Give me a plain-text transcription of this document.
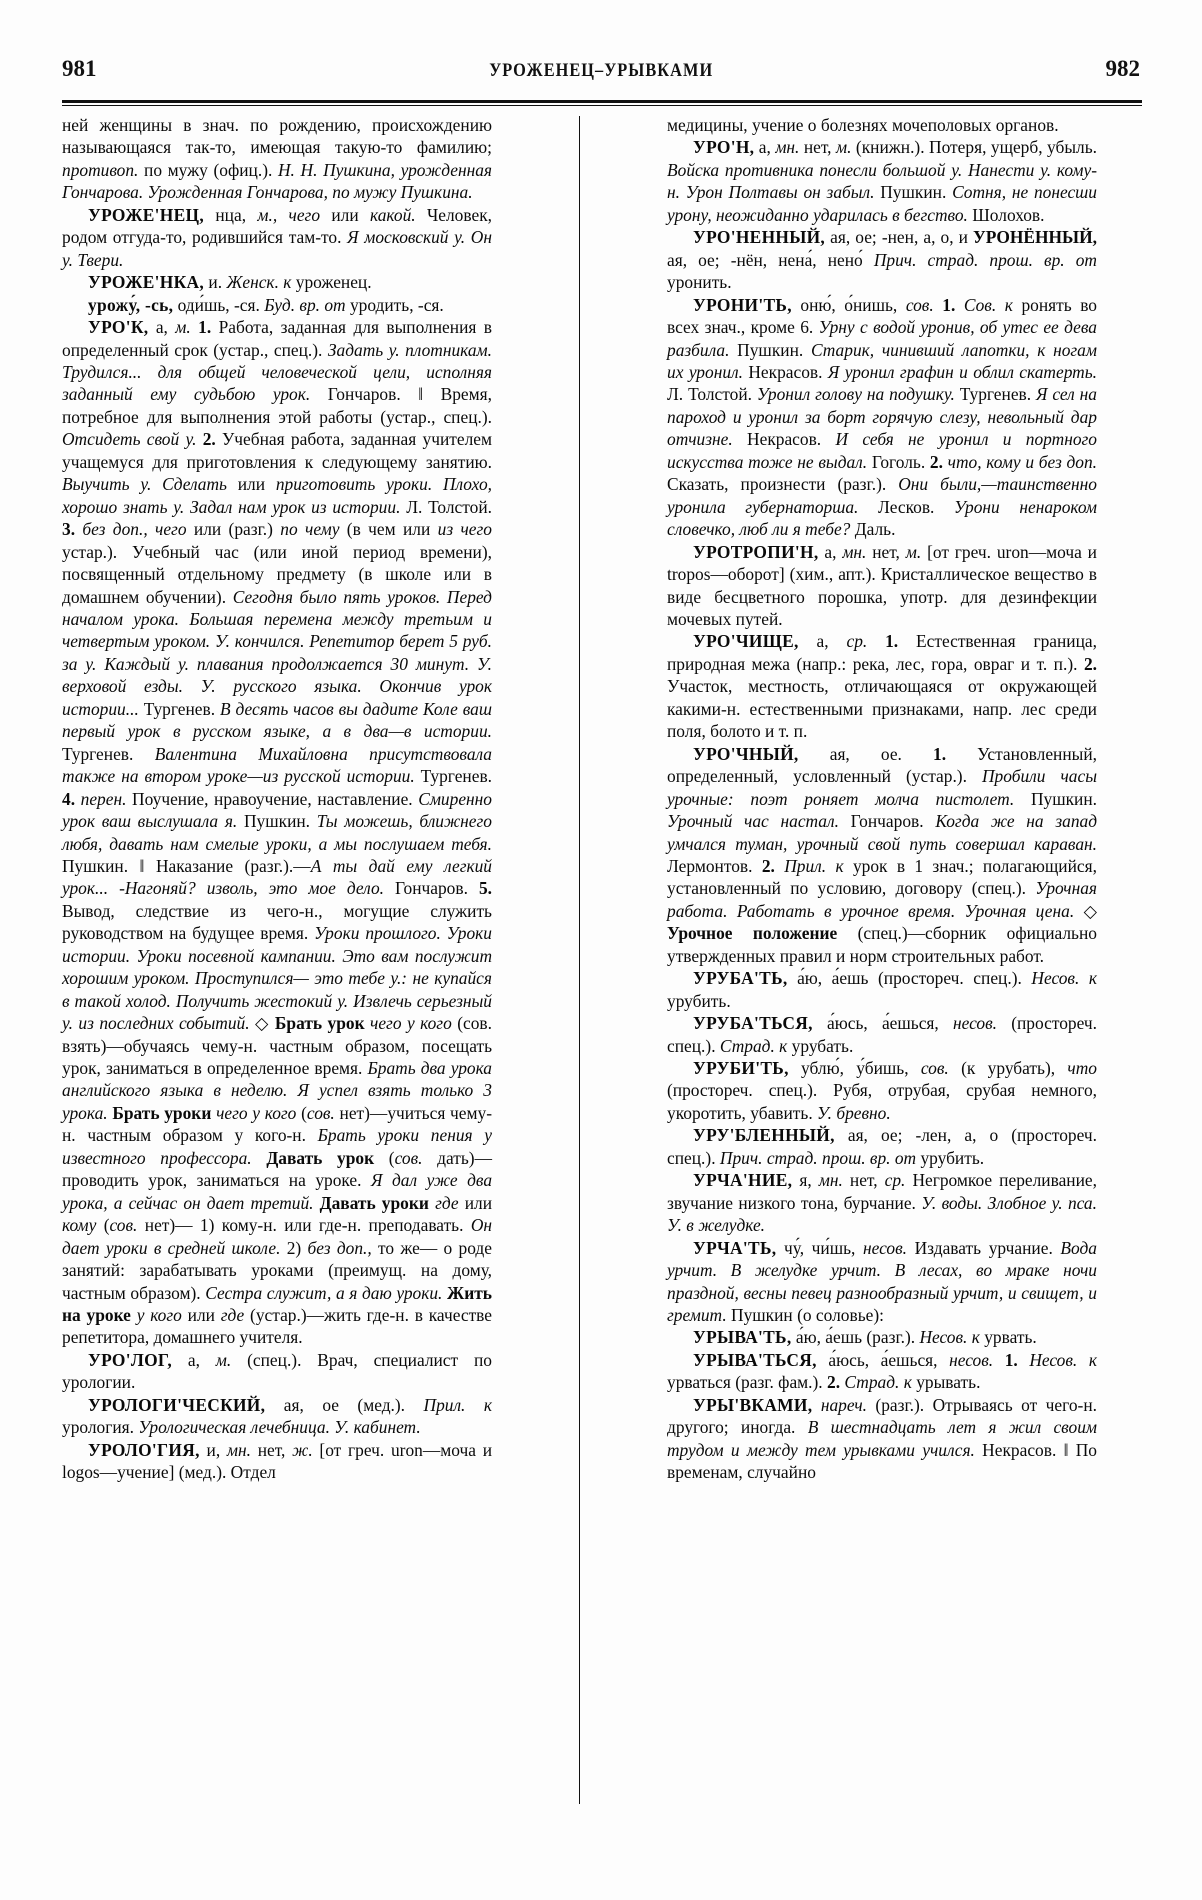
981	УРОЖЕНЕЦ–УРЫВКАМИ	982

ней женщины в знач. по рождению, происхождению называющаяся так-то, имеющая такую-то фамилию; противоп. по мужу (офиц.). Н. Н. Пушкина, урожденная Гончарова. Урожденная Гончарова, по мужу Пушкина.

УРОЖЕ'НЕЦ, нца, м., чего или какой. Человек, родом отгуда-то, родившийся там-то. Я московский у. Он у. Твери.

УРОЖЕ'НКА, и. Женск. к уроженец.

урожу́, -сь, оди́шь, -ся. Буд. вр. от уродить, -ся.

УРО'К, а, м. 1. Работа, заданная для выполнения в определенный срок (устар., спец.). Задать у. плотникам. Трудился... для общей человеческой цели, исполняя заданный ему судьбою урок. Гончаров. ‖ Время, потребное для выполнения этой работы (устар., спец.). Отсидеть свой у. 2. Учебная работа, заданная учителем учащемуся для приготовления к следующему занятию. Выучить у. Сделать или приготовить уроки. Плохо, хорошо знать у. Задал нам урок из истории. Л. Толстой. 3. без доп., чего или (разг.) по чему (в чем или из чего устар.). Учебный час (или иной период времени), посвященный отдельному предмету (в школе или в домашнем обучении). Сегодня было пять уроков. Перед началом урока. Большая перемена между третьим и четвертым уроком. У. кончился. Репетитор берет 5 руб. за у. Каждый у. плавания продолжается 30 минут. У. верховой езды. У. русского языка. Окончив урок истории... Тургенев. В десять часов вы дадите Коле ваш первый урок в русском языке, а в два—в истории. Тургенев. Валентина Михайловна присутствовала также на втором уроке—из русской истории. Тургенев. 4. перен. Поучение, нравоучение, наставление. Смиренно урок ваш выслушала я. Пушкин. Ты можешь, ближнего любя, давать нам смелые уроки, а мы послушаем тебя. Пушкин. ‖ Наказание (разг.).—А ты дай ему легкий урок... -Нагоняй? изволь, это мое дело. Гончаров. 5. Вывод, следствие из чего-н., могущие служить руководством на будущее время. Уроки прошлого. Уроки истории. Уроки посевной кампании. Это вам послужит хорошим уроком. Проступился— это тебе у.: не купайся в такой холод. Получить жестокий у. Извлечь серьезный у. из последних событий. ◇ Брать урок чего у кого (сов. взять)—обучаясь чему-н. частным образом, посещать урок, заниматься в определенное время. Брать два урока английского языка в неделю. Я успел взять только 3 урока. Брать уроки чего у кого (сов. нет)—учиться чему-н. частным образом у кого-н. Брать уроки пения у известного профессора. Давать урок (сов. дать)—проводить урок, заниматься на уроке. Я дал уже два урока, а сейчас он дает третий. Давать уроки где или кому (сов. нет)— 1) кому-н. или где-н. преподавать. Он дает уроки в средней школе. 2) без доп., то же— о роде занятий: зарабатывать уроками (преимущ. на дому, частным образом). Сестра служит, а я даю уроки. Жить на уроке у кого или где (устар.)—жить где-н. в качестве репетитора, домашнего учителя.

УРО'ЛОГ, а, м. (спец.). Врач, специалист по урологии.

УРОЛОГИ'ЧЕСКИЙ, ая, ое (мед.). Прил. к урология. Урологическая лечебница. У. кабинет.

УРОЛО'ГИЯ, и, мн. нет, ж. [от греч. uron—моча и logos—учение] (мед.). Отдел

медицины, учение о болезнях мочеполовых органов.

УРО'Н, а, мн. нет, м. (книжн.). Потеря, ущерб, убыль. Войска противника понесли большой у. Нанести у. кому-н. Урон Полтавы он забыл. Пушкин. Сотня, не понесши урону, неожиданно ударилась в бегство. Шолохов.

УРО'НЕННЫЙ, ая, ое; -нен, а, о, и УРОНЁННЫЙ, ая, ое; -нён, нена́, нено́ Прич. страд. прош. вр. от уронить.

УРОНИ'ТЬ, оню́, о́нишь, сов. 1. Сов. к ронять во всех знач., кроме 6. Урну с водой уронив, об утес ее дева разбила. Пушкин. Старик, чинивший лапотки, к ногам их уронил. Некрасов. Я уронил графин и облил скатерть. Л. Толстой. Уронил голову на подушку. Тургенев. Я сел на пароход и уронил за борт горячую слезу, невольный дар отчизне. Некрасов. И себя не уронил и портного искусства тоже не выдал. Гоголь. 2. что, кому и без доп. Сказать, произнести (разг.). Они были,—таинственно уронила губернаторша. Лесков. Урони ненароком словечко, люб ли я тебе? Даль.

УРОТРОПИ'Н, а, мн. нет, м. [от греч. uron—моча и tropos—оборот] (хим., апт.). Кристаллическое вещество в виде бесцветного порошка, употр. для дезинфекции мочевых путей.

УРО'ЧИЩЕ, а, ср. 1. Естественная граница, природная межа (напр.: река, лес, гора, овраг и т. п.). 2. Участок, местность, отличающаяся от окружающей какими-н. естественными признаками, напр. лес среди поля, болото и т. п.

УРО'ЧНЫЙ, ая, ое. 1. Установленный, определенный, условленный (устар.). Пробили часы урочные: поэт роняет молча пистолет. Пушкин. Урочный час настал. Гончаров. Когда же на запад умчался туман, урочный свой путь совершал караван. Лермонтов. 2. Прил. к урок в 1 знач.; полагающийся, установленный по условию, договору (спец.). Урочная работа. Работать в урочное время. Урочная цена. ◇ Урочное положение (спец.)—сборник официально утвержденных правил и норм строительных работ.

УРУБА'ТЬ, а́ю, а́ешь (простореч. спец.). Несов. к урубить.

УРУБА'ТЬСЯ, а́юсь, а́ешься, несов. (простореч. спец.). Страд. к урубать.

УРУБИ'ТЬ, ублю́, у́бишь, сов. (к урубать), что (простореч. спец.). Рубя, отрубая, срубая немного, укоротить, убавить. У. бревно.

УРУ'БЛЕННЫЙ, ая, ое; -лен, а, о (простореч. спец.). Прич. страд. прош. вр. от урубить.

УРЧА'НИЕ, я, мн. нет, ср. Негромкое переливание, звучание низкого тона, бурчание. У. воды. Злобное у. пса. У. в желудке.

УРЧА'ТЬ, чу́, чи́шь, несов. Издавать урчание. Вода урчит. В желудке урчит. В лесах, во мраке ночи праздной, весны певец разнообразный урчит, и свищет, и гремит. Пушкин (о соловье):

УРЫВА'ТЬ, а́ю, а́ешь (разг.). Несов. к урвать.

УРЫВА'ТЬСЯ, а́юсь, а́ешься, несов. 1. Несов. к урваться (разг. фам.). 2. Страд. к урывать.

УРЫ'ВКАМИ, нареч. (разг.). Отрываясь от чего-н. другого; иногда. В шестнадцать лет я жил своим трудом и между тем урывками учился. Некрасов. ‖ По временам, случайно
